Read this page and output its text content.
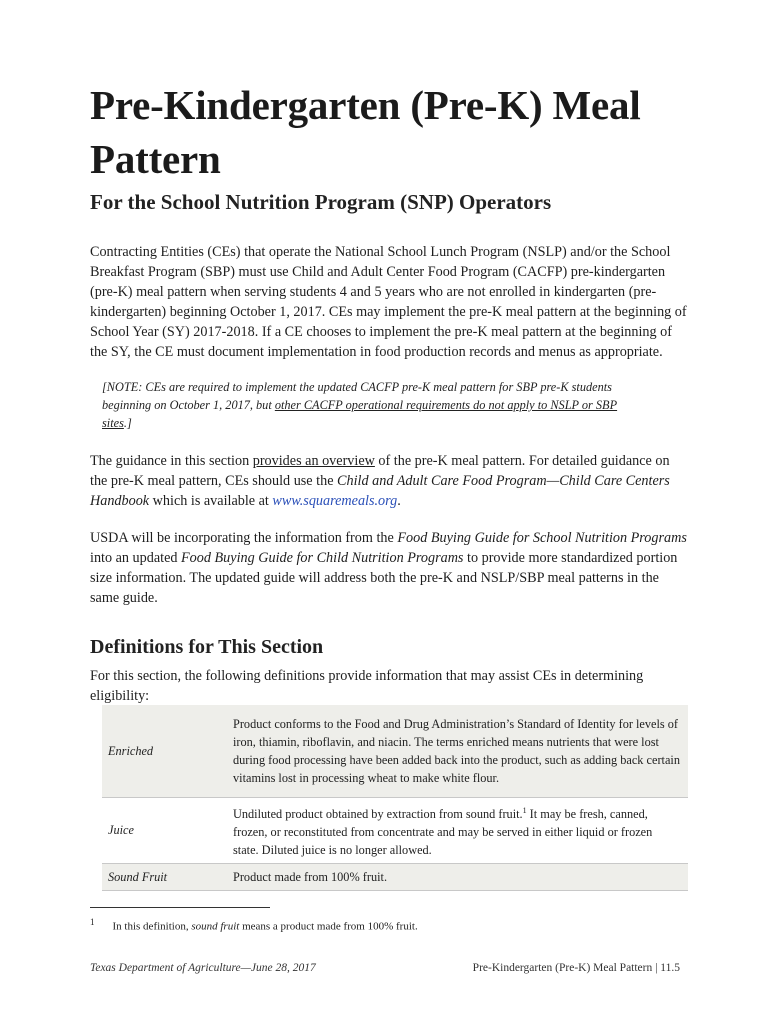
Pre-Kindergarten (Pre-K) Meal Pattern
For the School Nutrition Program (SNP) Operators
Contracting Entities (CEs) that operate the National School Lunch Program (NSLP) and/or the School Breakfast Program (SBP) must use Child and Adult Center Food Program (CACFP) pre-kindergarten (pre-K) meal pattern when serving students 4 and 5 years who are not enrolled in kindergarten (pre-kindergarten) beginning October 1, 2017. CEs may implement the pre-K meal pattern at the beginning of School Year (SY) 2017-2018. If a CE chooses to implement the pre-K meal pattern at the beginning of the SY, the CE must document implementation in food production records and menus as appropriate.
[NOTE: CEs are required to implement the updated CACFP pre-K meal pattern for SBP pre-K students beginning on October 1, 2017, but other CACFP operational requirements do not apply to NSLP or SBP sites.]
The guidance in this section provides an overview of the pre-K meal pattern. For detailed guidance on the pre-K meal pattern, CEs should use the Child and Adult Care Food Program—Child Care Centers Handbook which is available at www.squaremeals.org.
USDA will be incorporating the information from the Food Buying Guide for School Nutrition Programs into an updated Food Buying Guide for Child Nutrition Programs to provide more standardized portion size information. The updated guide will address both the pre-K and NSLP/SBP meal patterns in the same guide.
Definitions for This Section
For this section, the following definitions provide information that may assist CEs in determining eligibility:
Enriched	Product conforms to the Food and Drug Administration’s Standard of Identity for levels of iron, thiamin, riboflavin, and niacin. The terms enriched means nutrients that were lost during food processing have been added back into the product, such as adding back certain vitamins lost in processing wheat to make white flour.
Juice	Undiluted product obtained by extraction from sound fruit.$^1$ It may be fresh, canned, frozen, or reconstituted from concentrate and may be served in either liquid or frozen state. Diluted juice is no longer allowed.
Sound Fruit	Product made from 100% fruit.
$^1$ In this definition, sound fruit means a product made from 100% fruit.
Texas Department of Agriculture—June 28, 2017	Pre-Kindergarten (Pre-K) Meal Pattern | 11.5
